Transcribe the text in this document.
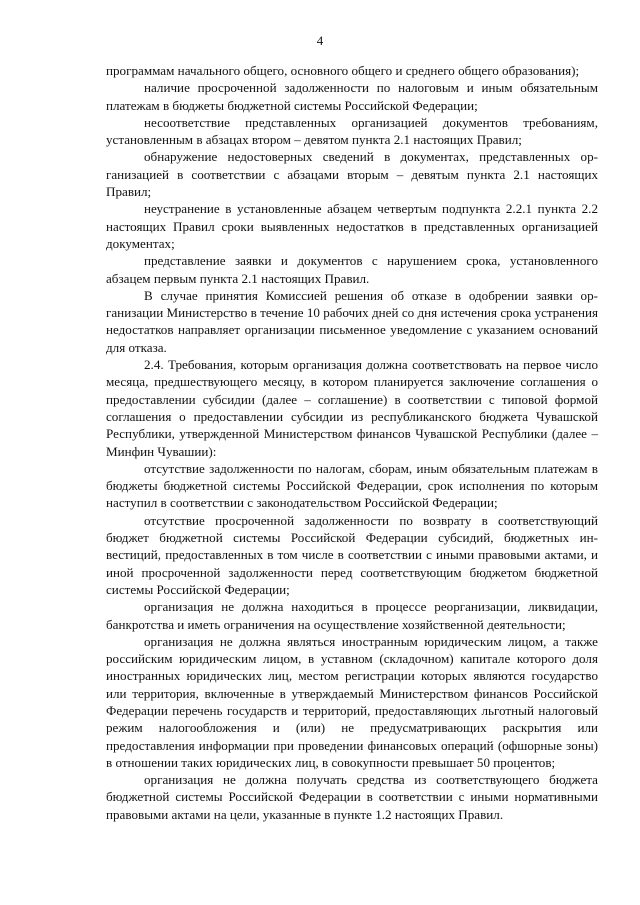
4

программам начального общего, основного общего и среднего общего образования);

наличие просроченной задолженности по налоговым и иным обязательным платежам в бюджеты бюджетной системы Российской Федерации;

несоответствие представленных организацией документов требованиям, установленным в абзацах втором – девятом пункта 2.1 настоящих Правил;

обнаружение недостоверных сведений в документах, представленных организацией в соответствии с абзацами вторым – девятым пункта 2.1 настоящих Правил;

неустранение в установленные абзацем четвертым подпункта 2.2.1 пункта 2.2 настоящих Правил сроки выявленных недостатков в представленных организацией документах;

представление заявки и документов с нарушением срока, установленного абзацем первым пункта 2.1 настоящих Правил.

В случае принятия Комиссией решения об отказе в одобрении заявки организации Министерство в течение 10 рабочих дней со дня истечения срока устранения недостатков направляет организации письменное уведомление с указанием оснований для отказа.

2.4. Требования, которым организация должна соответствовать на первое число месяца, предшествующего месяцу, в котором планируется заключение соглашения о предоставлении субсидии (далее – соглашение) в соответствии с типовой формой соглашения о предоставлении субсидии из республиканского бюджета Чувашской Республики, утвержденной Министерством финансов Чувашской Республики (далее – Минфин Чувашии):

отсутствие задолженности по налогам, сборам, иным обязательным платежам в бюджеты бюджетной системы Российской Федерации, срок исполнения по которым наступил в соответствии с законодательством Российской Федерации;

отсутствие просроченной задолженности по возврату в соответствующий бюджет бюджетной системы Российской Федерации субсидий, бюджетных инвестиций, предоставленных в том числе в соответствии с иными правовыми актами, и иной просроченной задолженности перед соответствующим бюджетом бюджетной системы Российской Федерации;

организация не должна находиться в процессе реорганизации, ликвидации, банкротства и иметь ограничения на осуществление хозяйственной деятельности;

организация не должна являться иностранным юридическим лицом, а также российским юридическим лицом, в уставном (складочном) капитале которого доля иностранных юридических лиц, местом регистрации которых являются государство или территория, включенные в утверждаемый Министерством финансов Российской Федерации перечень государств и территорий, предоставляющих льготный налоговый режим налогообложения и (или) не предусматривающих раскрытия или предоставления информации при проведении финансовых операций (офшорные зоны) в отношении таких юридических лиц, в совокупности превышает 50 процентов;

организация не должна получать средства из соответствующего бюджета бюджетной системы Российской Федерации в соответствии с иными нормативными правовыми актами на цели, указанные в пункте 1.2 настоящих Правил.
